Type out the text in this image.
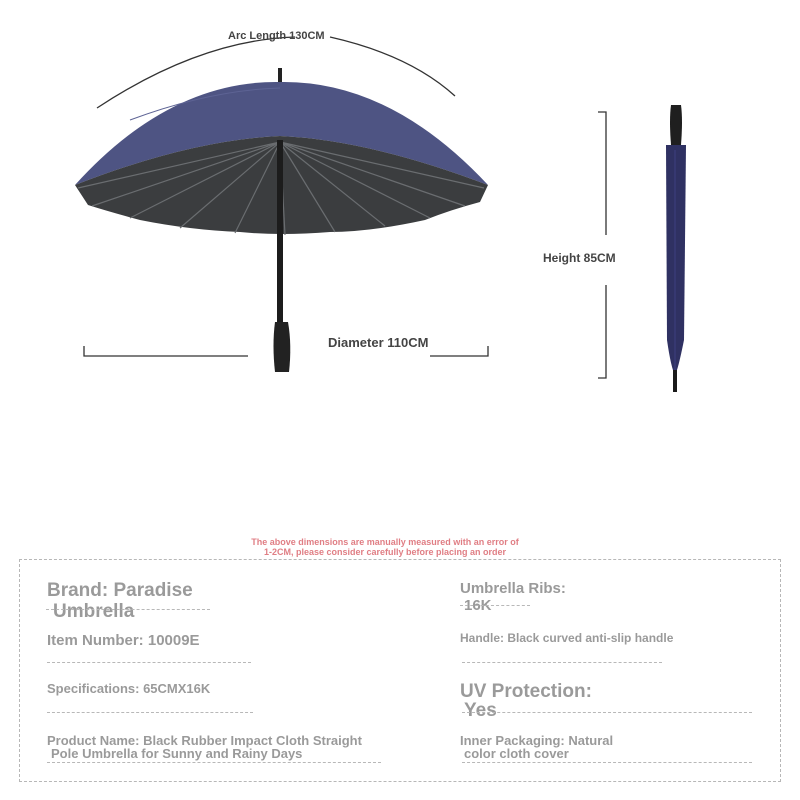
Arc Length 130CM
Diameter 110CM
Height 85CM
The above dimensions are manually measured with an error of
1-2CM, please consider carefully before placing an order
Brand: Paradise
Umbrella
Item Number: 10009E
Specifications: 65CMX16K
Product Name: Black Rubber Impact Cloth Straight
Pole Umbrella for Sunny and Rainy Days
Umbrella Ribs:
16K
Handle: Black curved anti-slip handle
UV Protection:
Yes
Inner Packaging: Natural
color cloth cover
